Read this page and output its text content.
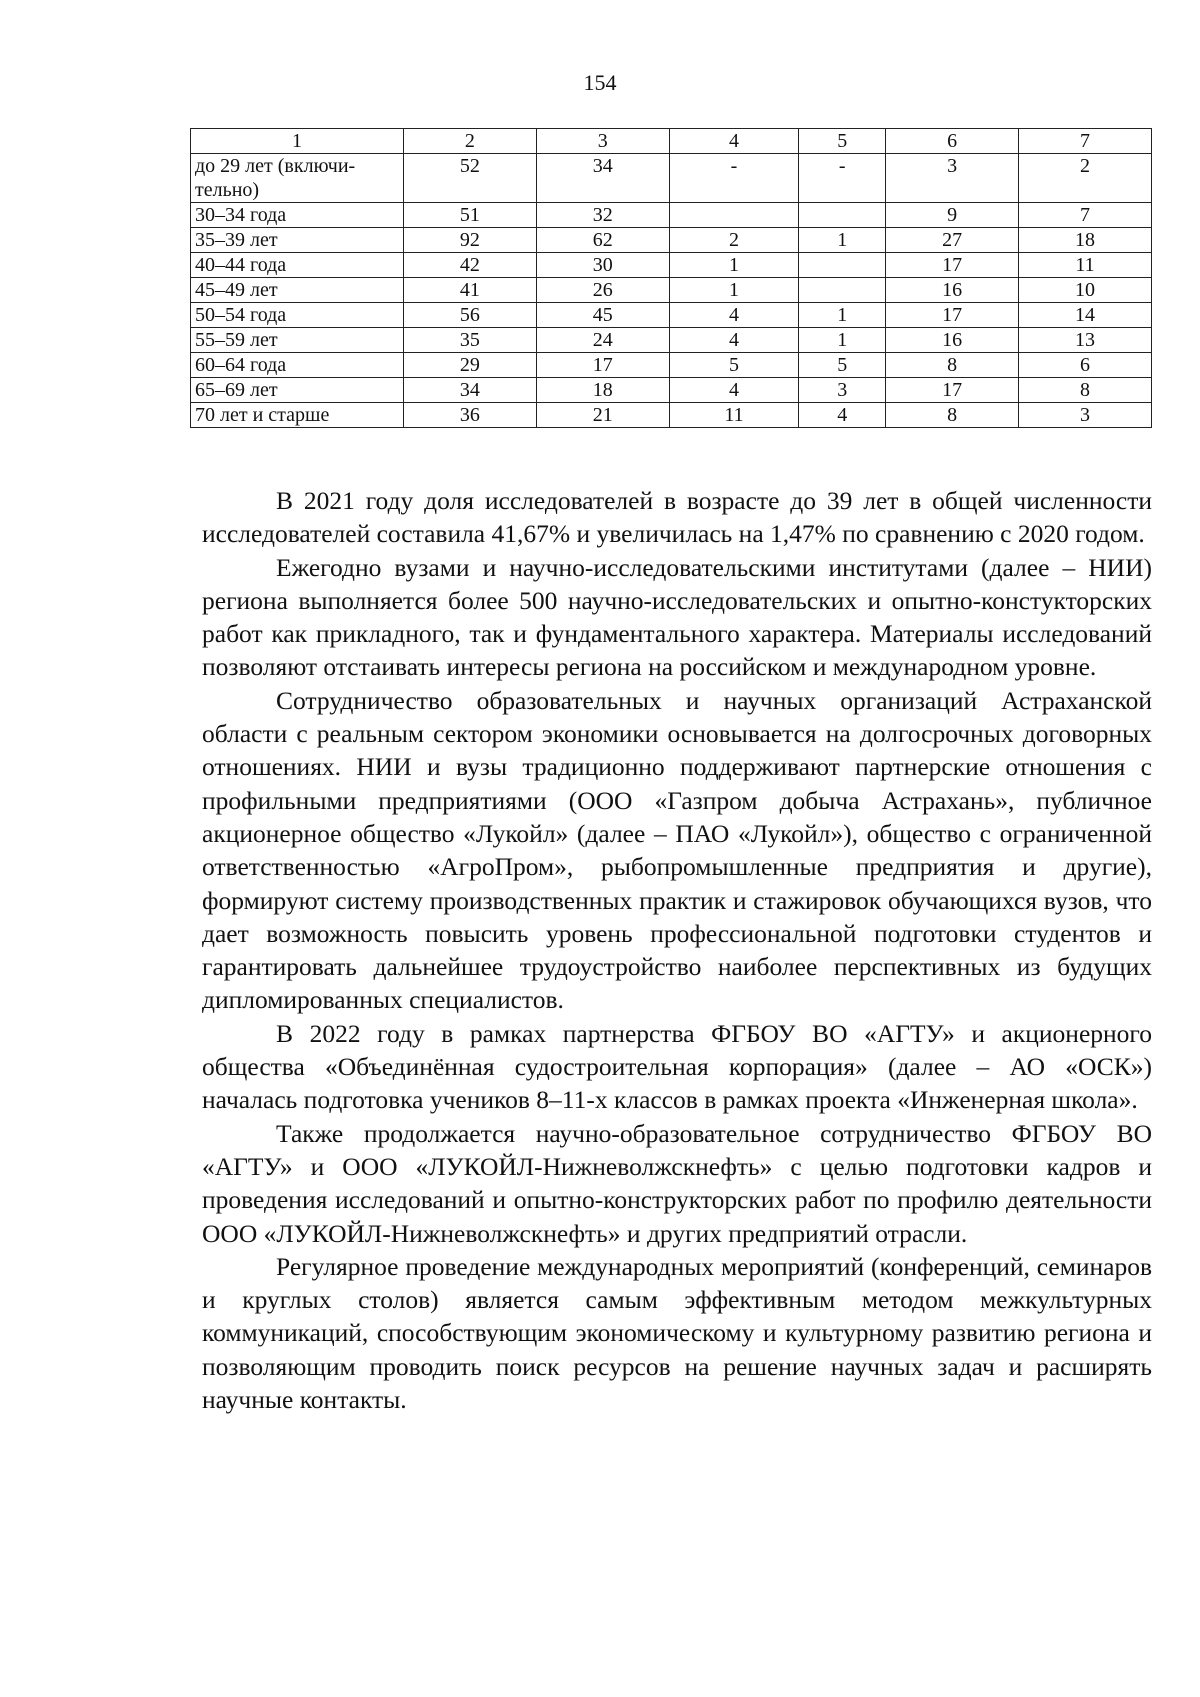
154
1	2	3	4	5	6	7
до 29 лет (включи-тельно)	52	34	-	-	3	2
30–34 года	51	32			9	7
35–39 лет	92	62	2	1	27	18
40–44 года	42	30	1		17	11
45–49 лет	41	26	1		16	10
50–54 года	56	45	4	1	17	14
55–59 лет	35	24	4	1	16	13
60–64 года	29	17	5	5	8	6
65–69 лет	34	18	4	3	17	8
70 лет и старше	36	21	11	4	8	3

В 2021 году доля исследователей в возрасте до 39 лет в общей численности исследователей составила 41,67% и увеличилась на 1,47% по сравнению с 2020 годом.

Ежегодно вузами и научно-исследовательскими институтами (далее – НИИ) региона выполняется более 500 научно-исследовательских и опытно-констукторских работ как прикладного, так и фундаментального характера. Материалы исследований позволяют отстаивать интересы региона на российском и международном уровне.

Сотрудничество образовательных и научных организаций Астраханской области с реальным сектором экономики основывается на долгосрочных договорных отношениях. НИИ и вузы традиционно поддерживают партнерские отношения с профильными предприятиями (ООО «Газпром добыча Астрахань», публичное акционерное общество «Лукойл» (далее – ПАО «Лукойл»), общество с ограниченной ответственностью «АгроПром», рыбопромышленные предприятия и другие), формируют систему производственных практик и стажировок обучающихся вузов, что дает возможность повысить уровень профессиональной подготовки студентов и гарантировать дальнейшее трудоустройство наиболее перспективных из будущих дипломированных специалистов.

В 2022 году в рамках партнерства ФГБОУ ВО «АГТУ» и акционерного общества «Объединённая судостроительная корпорация» (далее – АО «ОСК») началась подготовка учеников 8–11-х классов в рамках проекта «Инженерная школа».

Также продолжается научно-образовательное сотрудничество ФГБОУ ВО «АГТУ» и ООО «ЛУКОЙЛ-Нижневолжскнефть» с целью подготовки кадров и проведения исследований и опытно-конструкторских работ по профилю деятельности ООО «ЛУКОЙЛ-Нижневолжскнефть» и других предприятий отрасли.

Регулярное проведение международных мероприятий (конференций, семинаров и круглых столов) является самым эффективным методом межкультурных коммуникаций, способствующим экономическому и культурному развитию региона и позволяющим проводить поиск ресурсов на решение научных задач и расширять научные контакты.
